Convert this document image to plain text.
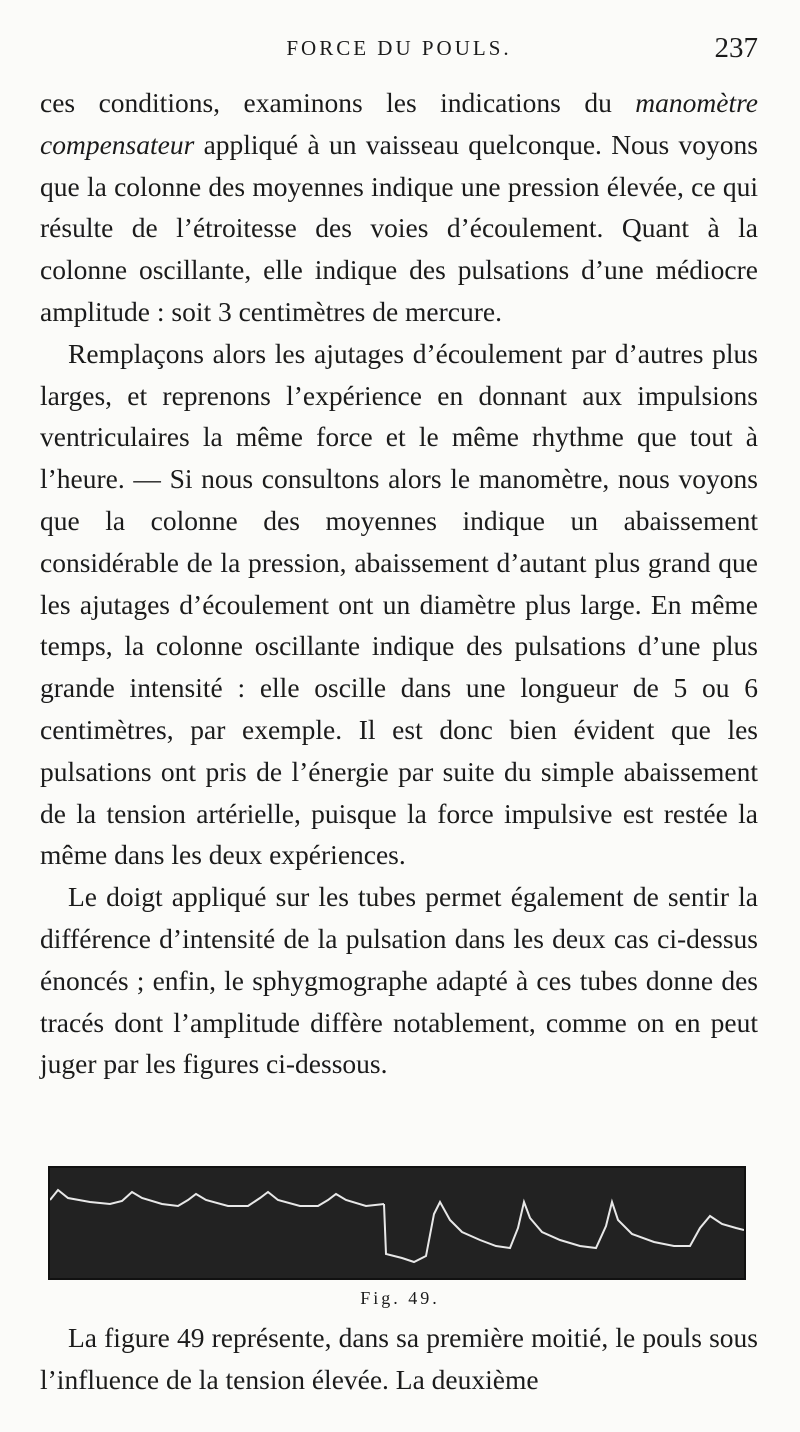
FORCE DU POULS.	237

ces conditions, examinons les indications du manomètre compensateur appliqué à un vaisseau quelconque. Nous voyons que la colonne des moyennes indique une pression élevée, ce qui résulte de l’étroitesse des voies d’écoulement. Quant à la colonne oscillante, elle indique des pulsations d’une médiocre amplitude : soit 3 centimètres de mercure.

Remplaçons alors les ajutages d’écoulement par d’autres plus larges, et reprenons l’expérience en donnant aux impulsions ventriculaires la même force et le même rhythme que tout à l’heure. — Si nous consultons alors le manomètre, nous voyons que la colonne des moyennes indique un abaissement considérable de la pression, abaissement d’autant plus grand que les ajutages d’écoulement ont un diamètre plus large. En même temps, la colonne oscillante indique des pulsations d’une plus grande intensité : elle oscille dans une longueur de 5 ou 6 centimètres, par exemple. Il est donc bien évident que les pulsations ont pris de l’énergie par suite du simple abaissement de la tension artérielle, puisque la force impulsive est restée la même dans les deux expériences.

Le doigt appliqué sur les tubes permet également de sentir la différence d’intensité de la pulsation dans les deux cas ci-dessus énoncés ; enfin, le sphygmographe adapté à ces tubes donne des tracés dont l’amplitude diffère notablement, comme on en peut juger par les figures ci-dessous.

Fig. 49.

La figure 49 représente, dans sa première moitié, le pouls sous l’influence de la tension élevée. La deuxième
